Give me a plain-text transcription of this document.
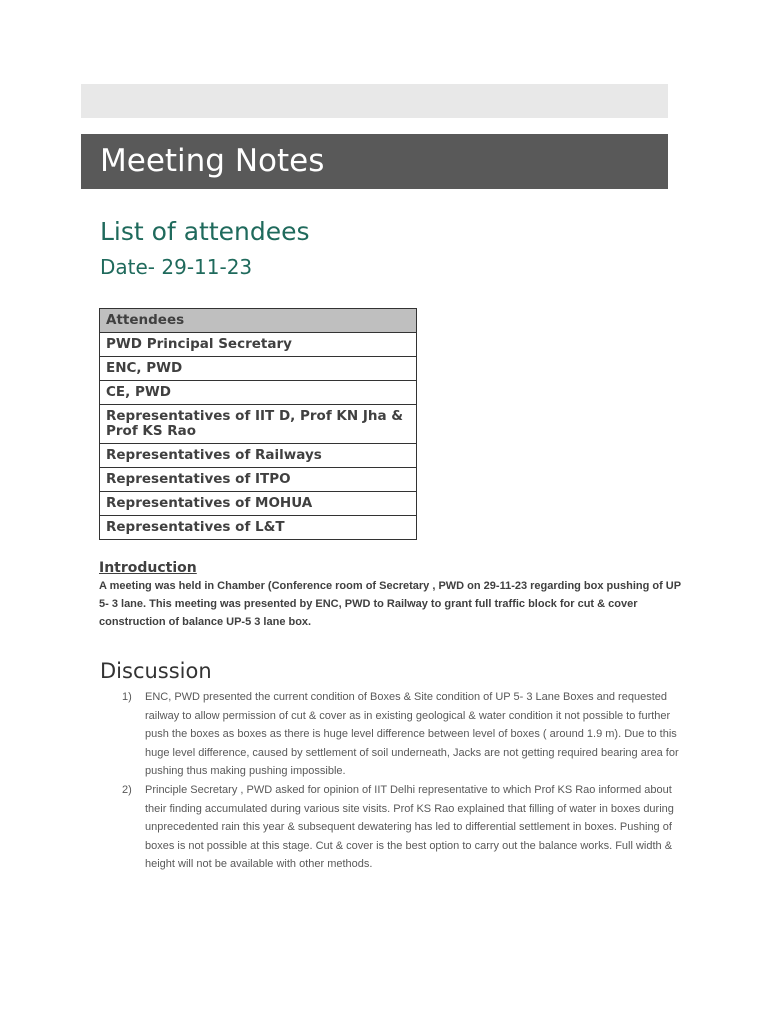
Meeting Notes
List of attendees
Date- 29-11-23
Attendees
PWD Principal Secretary
ENC, PWD
CE, PWD
Representatives of IIT D, Prof KN Jha & Prof KS Rao
Representatives of Railways
Representatives of ITPO
Representatives of MOHUA
Representatives of L&T
Introduction

A meeting was held in Chamber (Conference room of Secretary , PWD on 29-11-23 regarding box pushing of UP 5- 3 lane. This meeting was presented by ENC, PWD to Railway to grant full traffic block for cut & cover construction of balance UP-5 3 lane box.

Discussion
1)	ENC, PWD presented the current condition of Boxes & Site condition of UP 5- 3 Lane Boxes and requested railway to allow permission of cut & cover as in existing geological & water condition it not possible to further push the boxes as boxes as there is huge level difference between level of boxes ( around 1.9 m). Due to this huge level difference, caused by settlement of soil underneath, Jacks are not getting required bearing area for pushing thus making pushing impossible.
2)	Principle Secretary , PWD asked for opinion of IIT Delhi representative to which Prof KS Rao informed about their finding accumulated during various site visits. Prof KS Rao explained that filling of water in boxes during unprecedented rain this year & subsequent dewatering has led to differential settlement in boxes. Pushing of boxes is not possible at this stage. Cut & cover is the best option to carry out the balance works. Full width & height will not be available with other methods.
